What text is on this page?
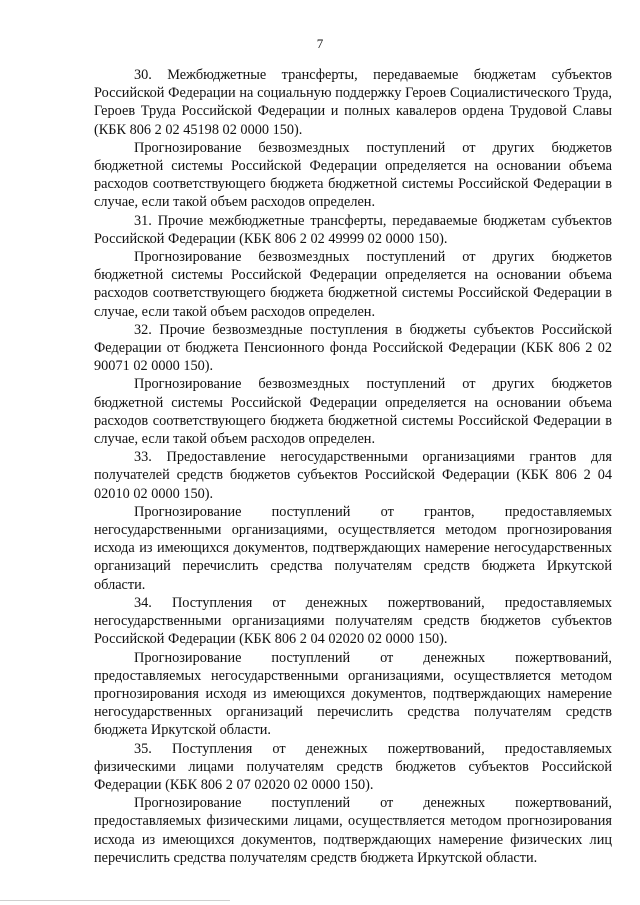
7

30. Межбюджетные трансферты, передаваемые бюджетам субъектов Российской Федерации на социальную поддержку Героев Социалистического Труда, Героев Труда Российской Федерации и полных кавалеров ордена Трудовой Славы (КБК 806 2 02 45198 02 0000 150).

Прогнозирование безвозмездных поступлений от других бюджетов бюджетной системы Российской Федерации определяется на основании объема расходов соответствующего бюджета бюджетной системы Российской Федерации в случае, если такой объем расходов определен.

31. Прочие межбюджетные трансферты, передаваемые бюджетам субъектов Российской Федерации (КБК 806 2 02 49999 02 0000 150).

Прогнозирование безвозмездных поступлений от других бюджетов бюджетной системы Российской Федерации определяется на основании объема расходов соответствующего бюджета бюджетной системы Российской Федерации в случае, если такой объем расходов определен.

32. Прочие безвозмездные поступления в бюджеты субъектов Российской Федерации от бюджета Пенсионного фонда Российской Федерации (КБК 806 2 02 90071 02 0000 150).

Прогнозирование безвозмездных поступлений от других бюджетов бюджетной системы Российской Федерации определяется на основании объема расходов соответствующего бюджета бюджетной системы Российской Федерации в случае, если такой объем расходов определен.

33. Предоставление негосударственными организациями грантов для получателей средств бюджетов субъектов Российской Федерации (КБК 806 2 04 02010 02 0000 150).

Прогнозирование поступлений от грантов, предоставляемых негосударственными организациями, осуществляется методом прогнозирования исхода из имеющихся документов, подтверждающих намерение негосударственных организаций перечислить средства получателям средств бюджета Иркутской области.

34. Поступления от денежных пожертвований, предоставляемых негосударственными организациями получателям средств бюджетов субъектов Российской Федерации (КБК 806 2 04 02020 02 0000 150).

Прогнозирование поступлений от денежных пожертвований, предоставляемых негосударственными организациями, осуществляется методом прогнозирования исходя из имеющихся документов, подтверждающих намерение негосударственных организаций перечислить средства получателям средств бюджета Иркутской области.

35. Поступления от денежных пожертвований, предоставляемых физическими лицами получателям средств бюджетов субъектов Российской Федерации (КБК 806 2 07 02020 02 0000 150).

Прогнозирование поступлений от денежных пожертвований, предоставляемых физическими лицами, осуществляется методом прогнозирования исхода из имеющихся документов, подтверждающих намерение физических лиц перечислить средства получателям средств бюджета Иркутской области.
